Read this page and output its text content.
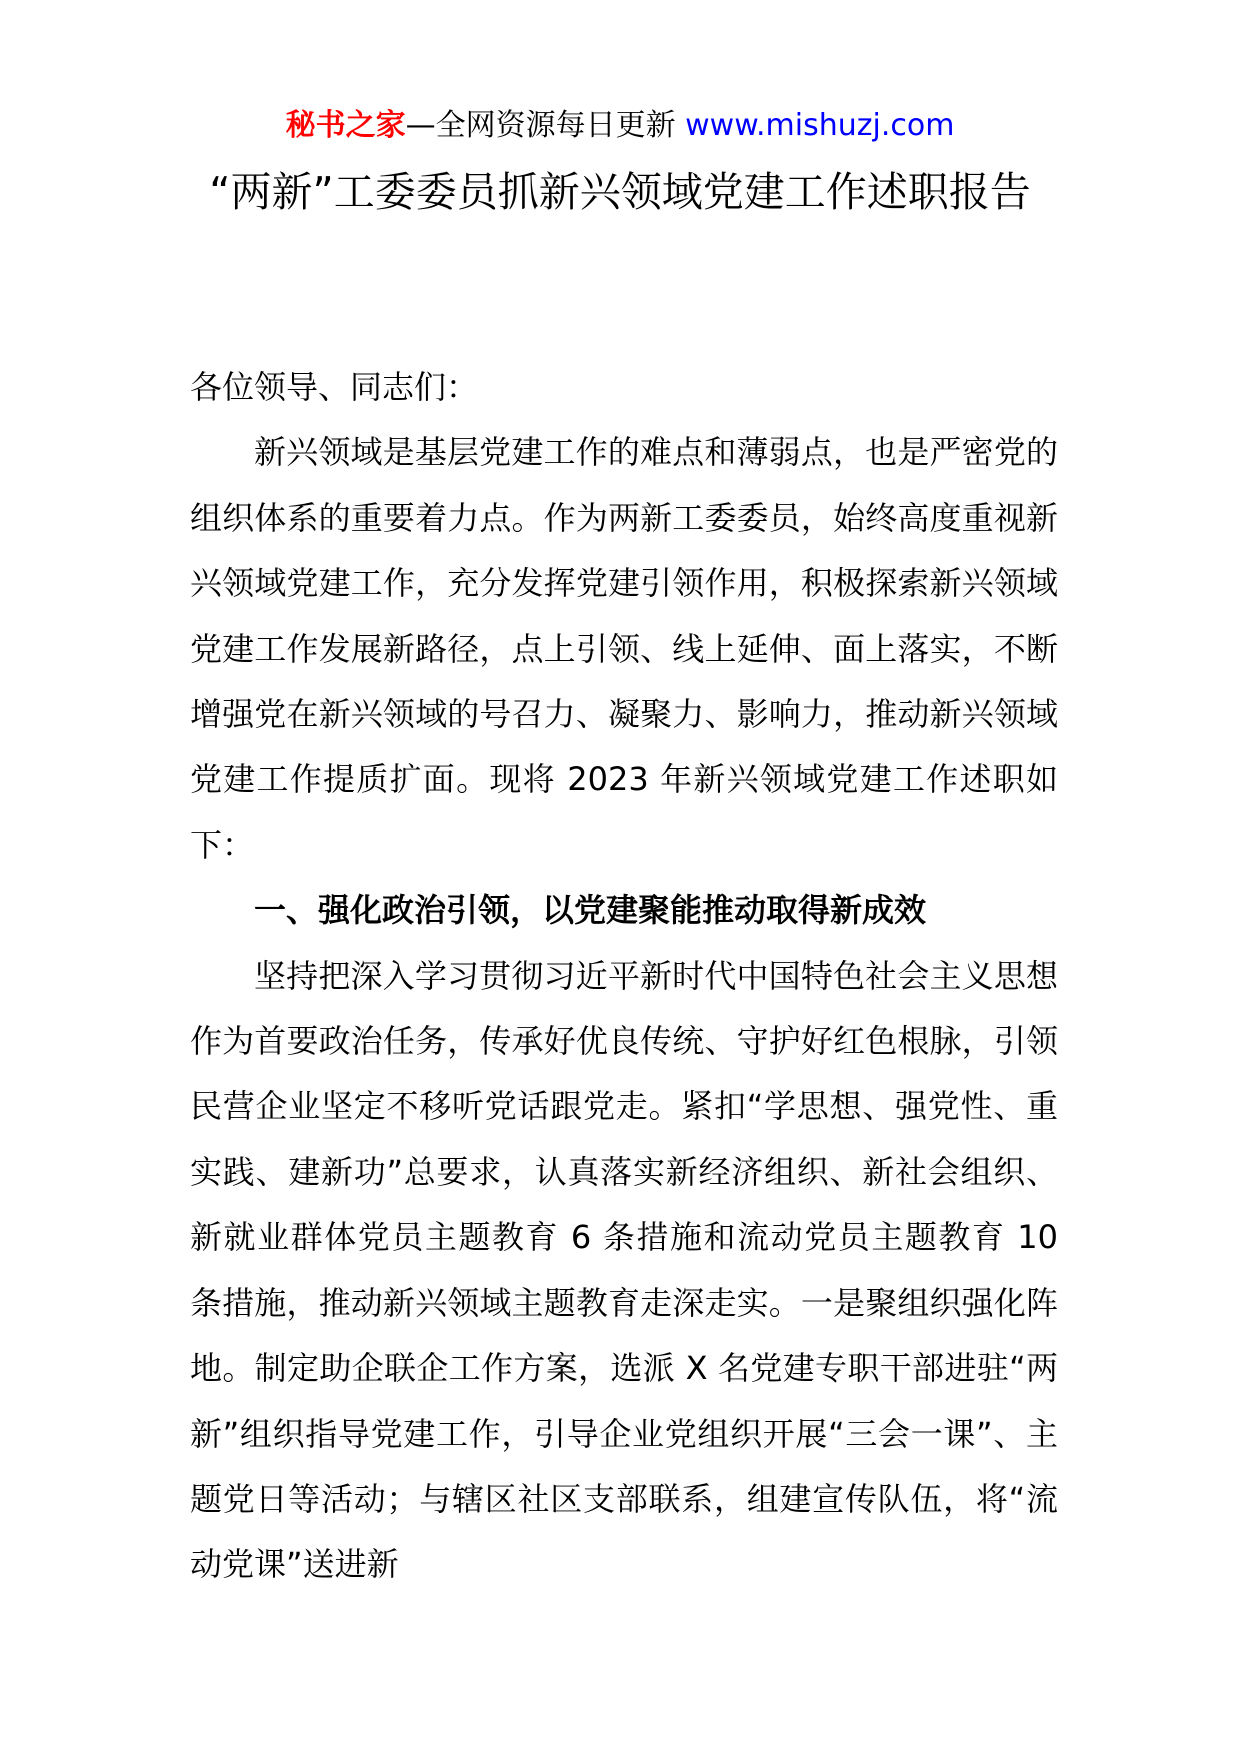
秘书之家—全网资源每日更新 www.mishuzj.com
“两新”工委委员抓新兴领域党建工作述职报告

各位领导、同志们：

新兴领域是基层党建工作的难点和薄弱点，也是严密党的组织体系的重要着力点。作为两新工委委员，始终高度重视新兴领域党建工作，充分发挥党建引领作用，积极探索新兴领域党建工作发展新路径，点上引领、线上延伸、面上落实，不断增强党在新兴领域的号召力、凝聚力、影响力，推动新兴领域党建工作提质扩面。现将 2023 年新兴领域党建工作述职如下：

一、强化政治引领，以党建聚能推动取得新成效

坚持把深入学习贯彻习近平新时代中国特色社会主义思想作为首要政治任务，传承好优良传统、守护好红色根脉，引领民营企业坚定不移听党话跟党走。紧扣“学思想、强党性、重实践、建新功”总要求，认真落实新经济组织、新社会组织、新就业群体党员主题教育 6 条措施和流动党员主题教育 10 条措施，推动新兴领域主题教育走深走实。一是聚组织强化阵地。制定助企联企工作方案，选派 X 名党建专职干部进驻“两新”组织指导党建工作，引导企业党组织开展“三会一课”、主题党日等活动；与辖区社区支部联系，组建宣传队伍，将“流动党课”送进新
